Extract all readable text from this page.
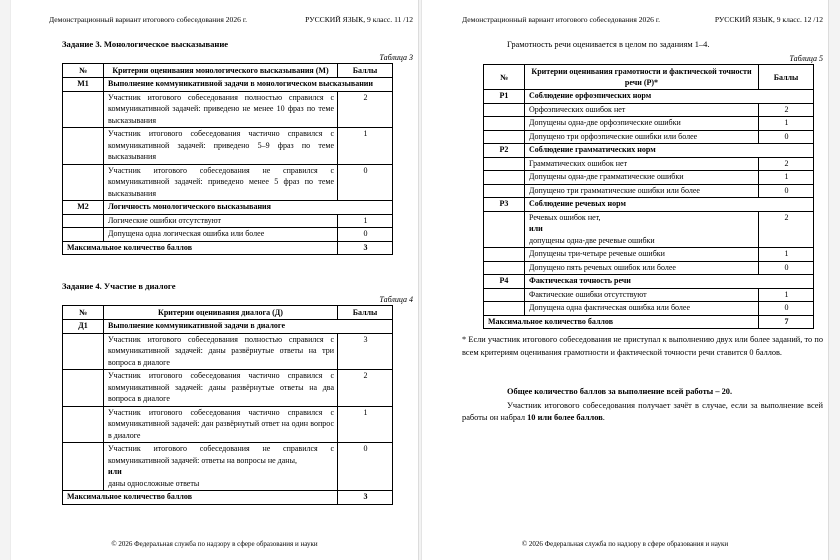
Демонстрационный вариант итогового собеседования 2026 г.	РУССКИЙ ЯЗЫК, 9 класс. 11 /12
Задание 3. Монологическое высказывание
Таблица 3
№	Критерии оценивания монологического высказывания (М)	Баллы
М1	Выполнение коммуникативной задачи в монологическом высказывании	
	Участник итогового собеседования полностью справился с коммуникативной задачей: приведено не менее 10 фраз по теме высказывания	2
	Участник итогового собеседования частично справился с коммуникативной задачей: приведено 5–9 фраз по теме высказывания	1
	Участник итогового собеседования не справился с коммуникативной задачей: приведено менее 5 фраз по теме высказывания	0
М2	Логичность монологического высказывания	
	Логические ошибки отсутствуют	1
	Допущена одна логическая ошибка или более	0
Максимальное количество баллов		3
Задание 4. Участие в диалоге
Таблица 4
№	Критерии оценивания диалога (Д)	Баллы
Д1	Выполнение коммуникативной задачи в диалоге	
	Участник итогового собеседования полностью справился с коммуникативной задачей: даны развёрнутые ответы на три вопроса в диалоге	3
	Участник итогового собеседования частично справился с коммуникативной задачей: даны развёрнутые ответы на два вопроса в диалоге	2
	Участник итогового собеседования частично справился с коммуникативной задачей: дан развёрнутый ответ на один вопрос в диалоге	1

	Участник итогового собеседования не справился с коммуникативной задачей: ответы на вопросы не даны,
или
даны односложные ответы	0
Максимальное количество баллов		3
© 2026 Федеральная служба по надзору в сфере образования и науки
Демонстрационный вариант итогового собеседования 2026 г.	РУССКИЙ ЯЗЫК, 9 класс. 12 /12
Грамотность речи оценивается в целом по заданиям 1–4.
Таблица 5
№	Критерии оценивания грамотности и фактической точности речи (Р)*	Баллы
Р1	Соблюдение орфоэпических норм	
	Орфоэпических ошибок нет	2
	Допущены одна-две орфоэпические ошибки	1
	Допущено три орфоэпические ошибки или более	0
Р2	Соблюдение грамматических норм	
	Грамматических ошибок нет	2
	Допущены одна-две грамматические ошибки	1
	Допущено три грамматические ошибки или более	0
Р3	Соблюдение речевых норм	

	Речевых ошибок нет,
или
допущены одна-две речевые ошибки	2
	Допущены три-четыре речевые ошибки	1
	Допущено пять речевых ошибок или более	0
Р4	Фактическая точность речи	
	Фактические ошибки отсутствуют	1
	Допущена одна фактическая ошибка или более	0
Максимальное количество баллов		7
* Если участник итогового собеседования не приступал к выполнению двух или более заданий, то по всем критериям оценивания грамотности и фактической точности речи ставится 0 баллов.
Общее количество баллов за выполнение всей работы – 20.
Участник итогового собеседования получает зачёт в случае, если за выполнение всей работы он набрал 10 или более баллов.
© 2026 Федеральная служба по надзору в сфере образования и науки
